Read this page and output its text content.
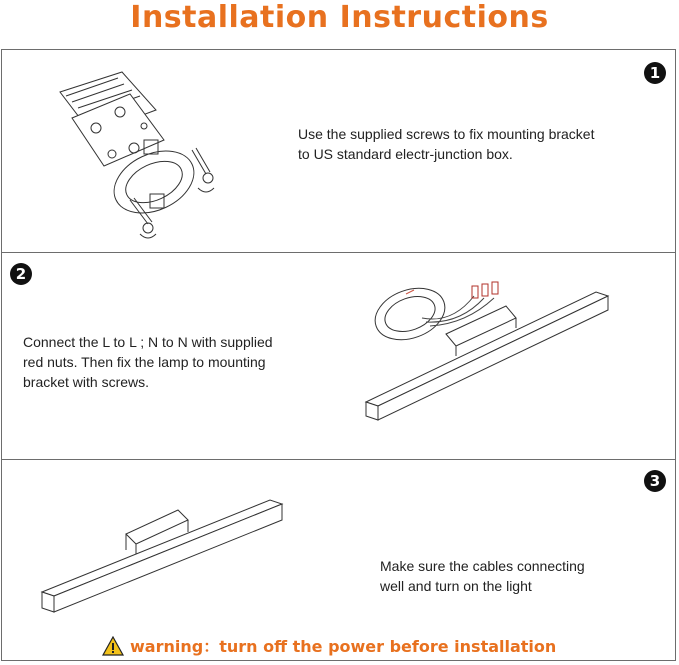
Installation Instructions
1
Use the supplied screws to fix mounting bracket
to US standard electr-junction box.
2
Connect the L to L ; N to N with supplied
red nuts. Then fix the lamp to mounting
bracket with screws.
3
Make sure the cables connecting
well and turn on the light
warning：turn off the power before installation
